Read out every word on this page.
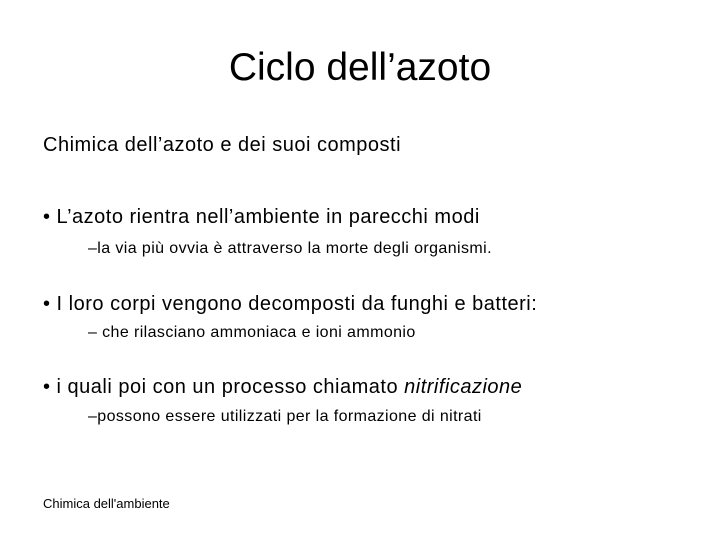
Ciclo dell’azoto
Chimica dell’azoto e dei suoi composti
• L’azoto rientra nell’ambiente in parecchi modi
–la via più ovvia è attraverso la morte degli organismi.
• I loro corpi vengono decomposti da funghi e batteri:
– che rilasciano ammoniaca e ioni ammonio
• i quali poi con un processo chiamato nitrificazione
–possono essere utilizzati per la formazione di nitrati
Chimica dell'ambiente
